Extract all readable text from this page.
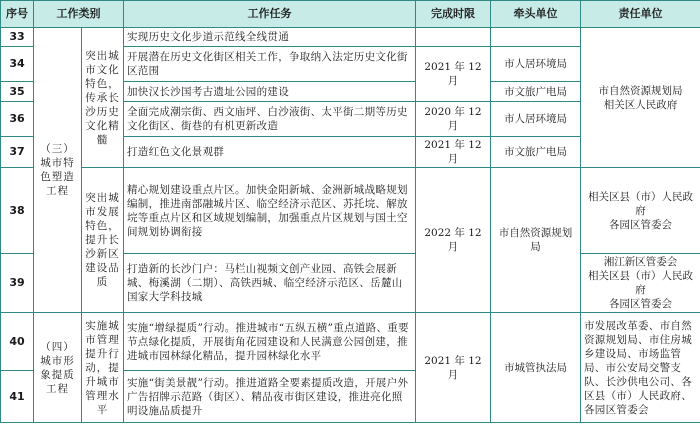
序号	工作类别		工作任务	完成时限	牵头单位	责任单位
33	（三）城市特色塑造工程	突出城市文化特色，传承长沙历史文化精髓	实现历史文化步道示范线全线贯通			市自然资源规划局
相关区人民政府
34			开展潜在历史文化街区相关工作，争取纳入法定历史文化街区范围	2021 年 12 月	市人居环境局	
35			加快汉长沙国考古遗址公园的建设		市文旅广电局	
36			全面完成潮宗街、西文庙坪、白沙液街、太平街二期等历史文化街区、街巷的有机更新改造	2020 年 12 月	市人居环境局	
37			打造红色文化景观群	2021 年 12 月	市文旅广电局	
38		突出城市发展特色，提升长沙新区建设品质	精心规划建设重点片区。加快金阳新城、金洲新城战略规划编制，推进南部融城片区、临空经济示范区、苏托垸、解放垸等重点片区和区域规划编制，加强重点片区规划与国土空间规划协调衔接	2022 年 12 月	市自然资源规划局	相关区县（市）人民政府
各园区管委会
39			打造新的长沙门户：马栏山视频文创产业园、高铁会展新城、梅溪湖（二期）、高铁西城、临空经济示范区、岳麓山国家大学科技城			湘江新区管委会
相关区县（市）人民政府
各园区管委会
40	（四）城市形象提质工程	实施城市管理提升行动，提升城市管理水平	实施“增绿提质”行动。推进城市“五纵五横”重点道路、重要节点绿化提质，开展街角花园建设和人民满意公园创建，推进城市园林绿化精品，提升园林绿化水平	2021 年 12 月	市城管执法局	市发展改革委、市自然资源规划局、市住房城乡建设局、市场监管局、市公安局交警支队、长沙供电公司、各区县（市）人民政府、各园区管委会
41			实施“街美景靓”行动。推进道路全要素提质改造，开展户外广告招牌示范路（街区）、精品夜市街区建设，推进亮化照明设施品质提升			
